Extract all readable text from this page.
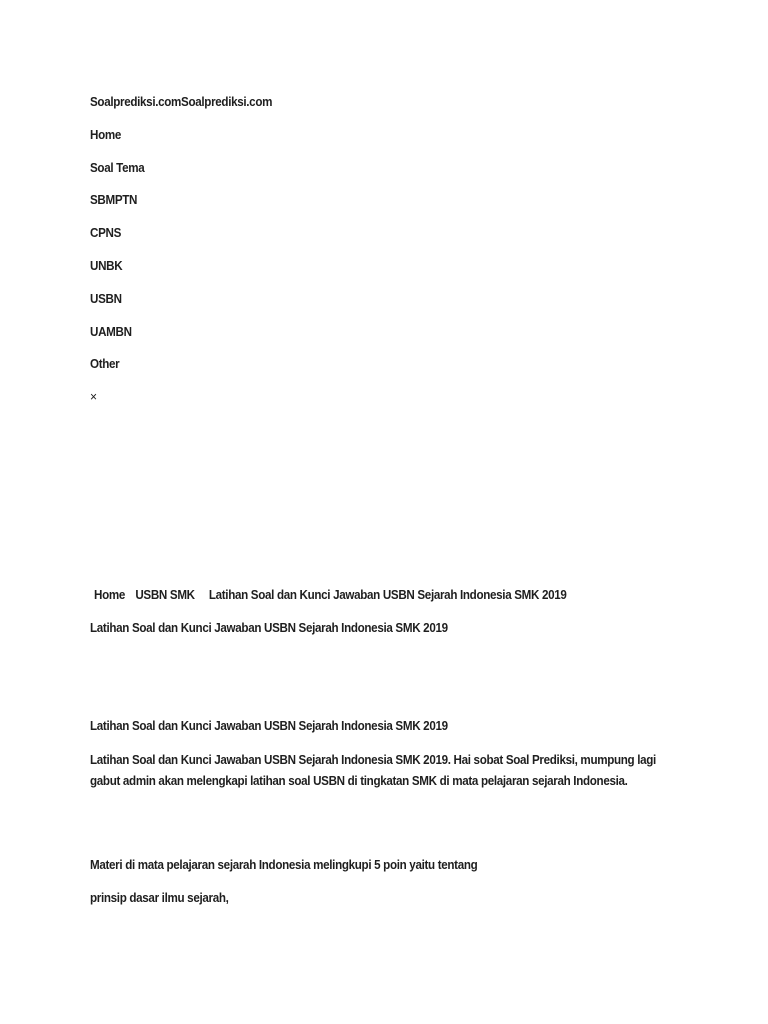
Soalprediksi.comSoalprediksi.com
Home
Soal Tema
SBMPTN
CPNS
UNBK
USBN
UAMBN
Other
×
Home USBN SMK Latihan Soal dan Kunci Jawaban USBN Sejarah Indonesia SMK 2019
Latihan Soal dan Kunci Jawaban USBN Sejarah Indonesia SMK 2019
Latihan Soal dan Kunci Jawaban USBN Sejarah Indonesia SMK 2019

Latihan Soal dan Kunci Jawaban USBN Sejarah Indonesia SMK 2019. Hai sobat Soal Prediksi, mumpung lagi gabut admin akan melengkapi latihan soal USBN di tingkatan SMK di mata pelajaran sejarah Indonesia.

Materi di mata pelajaran sejarah Indonesia melingkupi 5 poin yaitu tentang

prinsip dasar ilmu sejarah,
